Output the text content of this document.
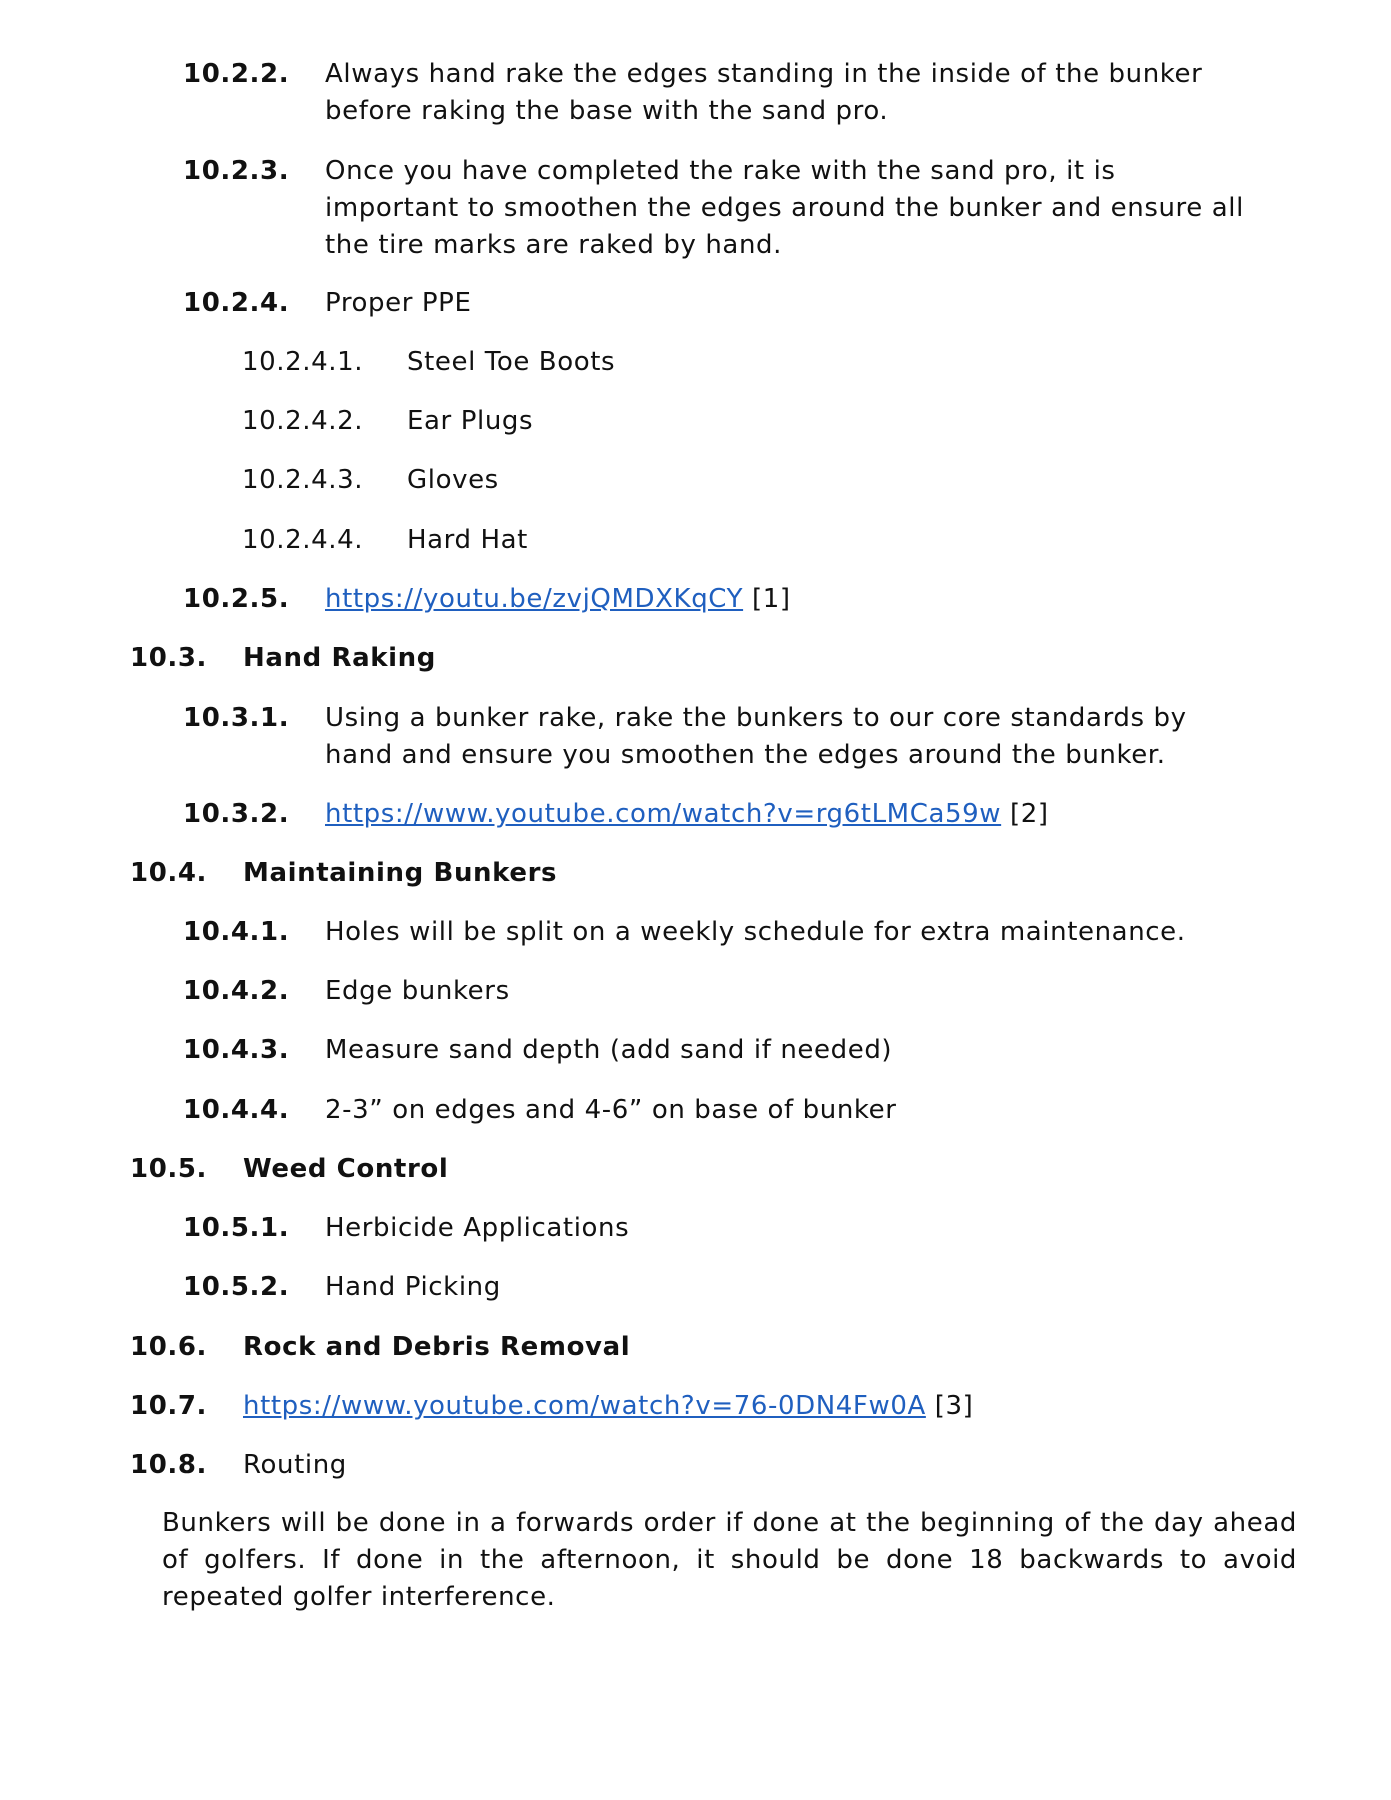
10.2.2. Always hand rake the edges standing in the inside of the bunker before raking the base with the sand pro.
10.2.3. Once you have completed the rake with the sand pro, it is important to smoothen the edges around the bunker and ensure all the tire marks are raked by hand.
10.2.4. Proper PPE
10.2.4.1. Steel Toe Boots
10.2.4.2. Ear Plugs
10.2.4.3. Gloves
10.2.4.4. Hard Hat
10.2.5. https://youtu.be/zvjQMDXKqCY [1]
10.3. Hand Raking
10.3.1. Using a bunker rake, rake the bunkers to our core standards by hand and ensure you smoothen the edges around the bunker.
10.3.2. https://www.youtube.com/watch?v=rg6tLMCa59w [2]
10.4. Maintaining Bunkers
10.4.1. Holes will be split on a weekly schedule for extra maintenance.
10.4.2. Edge bunkers
10.4.3. Measure sand depth (add sand if needed)
10.4.4. 2-3” on edges and 4-6” on base of bunker
10.5. Weed Control
10.5.1. Herbicide Applications
10.5.2. Hand Picking
10.6. Rock and Debris Removal
10.7. https://www.youtube.com/watch?v=76-0DN4Fw0A [3]
10.8. Routing
Bunkers will be done in a forwards order if done at the beginning of the day ahead of golfers. If done in the afternoon, it should be done 18 backwards to avoid repeated golfer interference.
